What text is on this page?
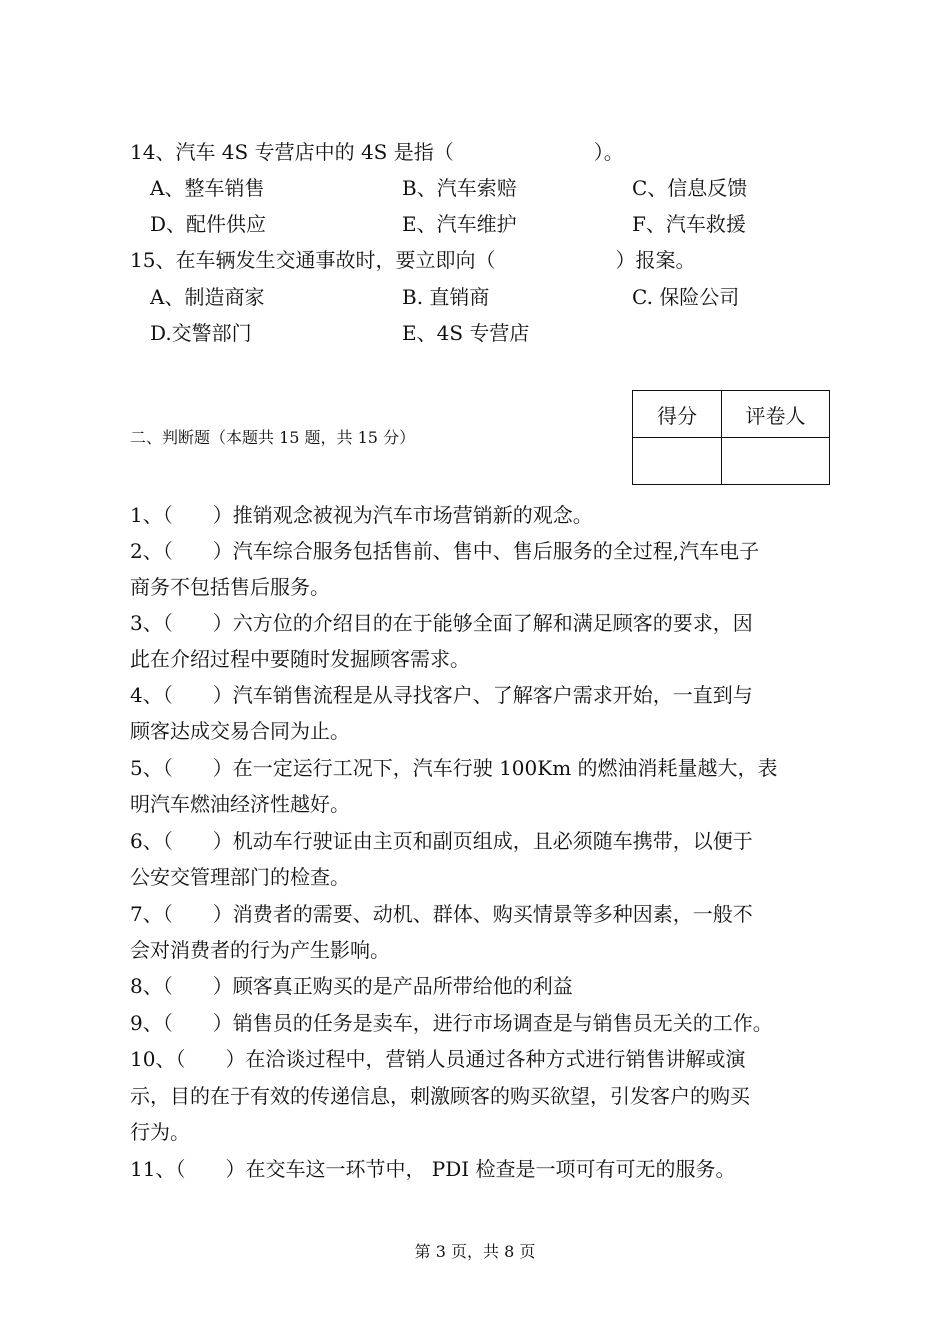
14、汽车 4S 专营店中的 4S 是指（　　　　　　　）。
A、整车销售	B、汽车索赔	C、信息反馈
D、配件供应	E、汽车维护	F、汽车救援
15、在车辆发生交通事故时，要立即向（　　　　　　）报案。
A、制造商家	B. 直销商	C. 保险公司
D.交警部门	E、4S 专营店
二、判断题（本题共 15 题，共 15 分）
得分	评卷人

1、（　　）推销观念被视为汽车市场营销新的观念。
2、（　　）汽车综合服务包括售前、售中、售后服务的全过程,汽车电子
商务不包括售后服务。
3、（　　）六方位的介绍目的在于能够全面了解和满足顾客的要求，因
此在介绍过程中要随时发掘顾客需求。
4、（　　）汽车销售流程是从寻找客户、了解客户需求开始，一直到与
顾客达成交易合同为止。
5、（　　）在一定运行工况下，汽车行驶 100Km 的燃油消耗量越大，表
明汽车燃油经济性越好。
6、（　　）机动车行驶证由主页和副页组成，且必须随车携带，以便于
公安交管理部门的检查。
7、（　　）消费者的需要、动机、群体、购买情景等多种因素，一般不
会对消费者的行为产生影响。
8、（　　）顾客真正购买的是产品所带给他的利益
9、（　　）销售员的任务是卖车，进行市场调查是与销售员无关的工作。
10、（　　）在洽谈过程中，营销人员通过各种方式进行销售讲解或演
示，目的在于有效的传递信息，刺激顾客的购买欲望，引发客户的购买
行为。
11、（　　）在交车这一环节中， PDI 检查是一项可有可无的服务。
第 3 页，共 8 页
